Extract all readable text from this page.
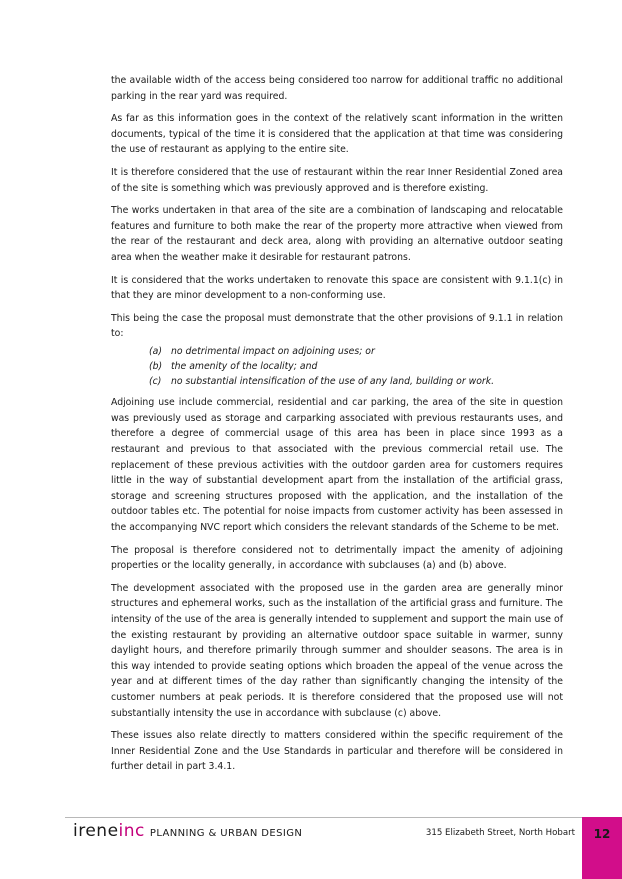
the available width of the access being considered too narrow for additional traffic no additional parking in the rear yard was required.

As far as this information goes in the context of the relatively scant information in the written documents, typical of the time it is considered that the application at that time was considering the use of restaurant as applying to the entire site.

It is therefore considered that the use of restaurant within the rear Inner Residential Zoned area of the site is something which was previously approved and is therefore existing.

The works undertaken in that area of the site are a combination of landscaping and relocatable features and furniture to both make the rear of the property more attractive when viewed from the rear of the restaurant and deck area, along with providing an alternative outdoor seating area when the weather make it desirable for restaurant patrons.

It is considered that the works undertaken to renovate this space are consistent with 9.1.1(c) in that they are minor development to a non-conforming use.

This being the case the proposal must demonstrate that the other provisions of 9.1.1 in relation to:

(a) no detrimental impact on adjoining uses; or
(b) the amenity of the locality; and
(c)	no substantial intensification of the use of any land, building or work.

Adjoining use include commercial, residential and car parking, the area of the site in question was previously used as storage and carparking associated with previous restaurants uses, and therefore a degree of commercial usage of this area has been in place since 1993 as a restaurant and previous to that associated with the previous commercial retail use. The replacement of these previous activities with the outdoor garden area for customers requires little in the way of substantial development apart from the installation of the artificial grass, storage and screening structures proposed with the application, and the installation of the outdoor tables etc. The potential for noise impacts from customer activity has been assessed in the accompanying NVC report which considers the relevant standards of the Scheme to be met.

The proposal is therefore considered not to detrimentally impact the amenity of adjoining properties or the locality generally, in accordance with subclauses (a) and (b) above.

The development associated with the proposed use in the garden area are generally minor structures and ephemeral works, such as the installation of the artificial grass and furniture. The intensity of the use of the area is generally intended to supplement and support the main use of the existing restaurant by providing an alternative outdoor space suitable in warmer, sunny daylight hours, and therefore primarily through summer and shoulder seasons. The area is in this way intended to provide seating options which broaden the appeal of the venue across the year and at different times of the day rather than significantly changing the intensity of the customer numbers at peak periods. It is therefore considered that the proposed use will not substantially intensity the use in accordance with subclause (c) above.

These issues also relate directly to matters considered within the specific requirement of the Inner Residential Zone and the Use Standards in particular and therefore will be considered in further detail in part 3.4.1.

ireneinc PLANNING & URBAN DESIGN	315 Elizabeth Street, North Hobart	12
